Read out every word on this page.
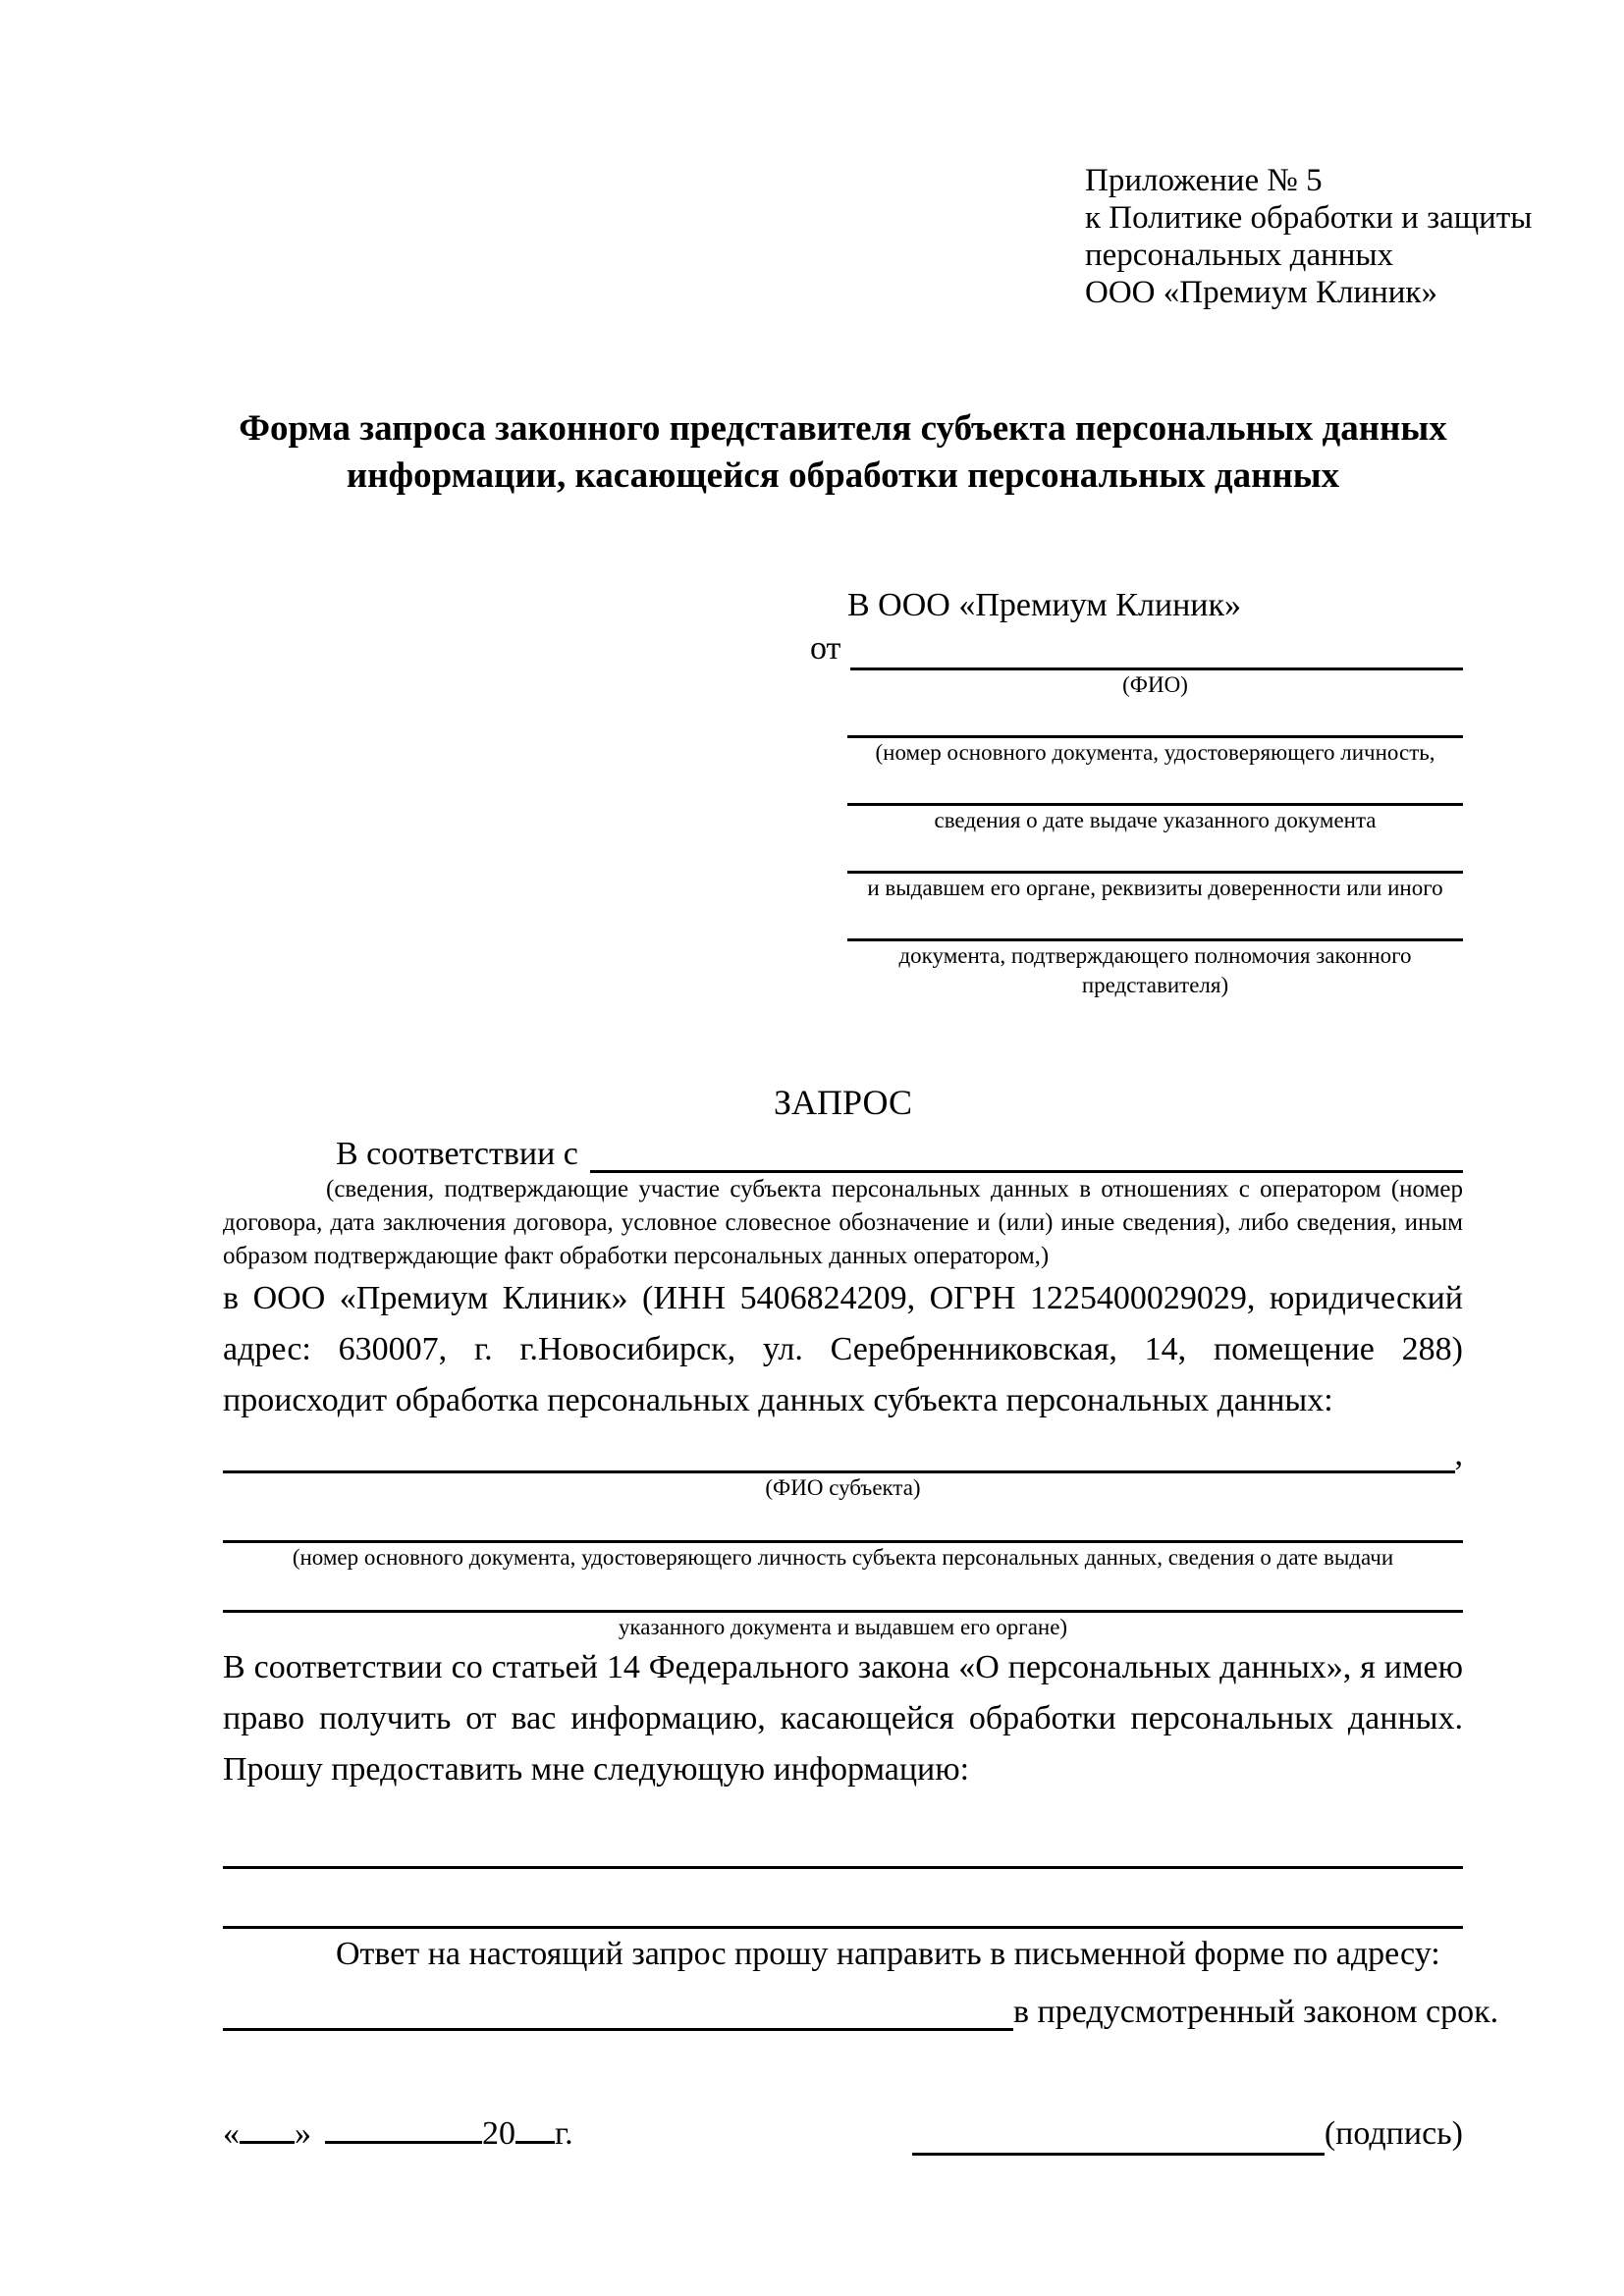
Приложение № 5
к Политике обработки и защиты
персональных данных
ООО «Премиум Клиник»
Форма запроса законного представителя субъекта персональных данных информации, касающейся обработки персональных данных
В ООО «Премиум Клиник»
от
(ФИО)
(номер основного документа, удостоверяющего личность,
сведения о дате выдаче указанного документа
и выдавшем его органе, реквизиты доверенности или иного
документа, подтверждающего полномочия законного представителя)
ЗАПРОС
В соответствии с
(сведения, подтверждающие участие субъекта персональных данных в отношениях с оператором (номер договора, дата заключения договора, условное словесное обозначение и (или) иные сведения), либо сведения, иным образом подтверждающие факт обработки персональных данных оператором,)
в ООО «Премиум Клиник» (ИНН 5406824209, ОГРН 1225400029029, юридический адрес: 630007, г. г.Новосибирск, ул. Серебренниковская, 14, помещение 288) происходит обработка персональных данных субъекта персональных данных:
,
(ФИО субъекта)
(номер основного документа, удостоверяющего личность субъекта персональных данных, сведения о дате выдачи
указанного документа и выдавшем его органе)
В соответствии со статьей 14 Федерального закона «О персональных данных», я имею право получить от вас информацию, касающейся обработки персональных данных. Прошу предоставить мне следующую информацию:
Ответ на настоящий запрос прошу направить в письменной форме по адресу:
в предусмотренный законом срок.
« »	20 г.	(подпись)
